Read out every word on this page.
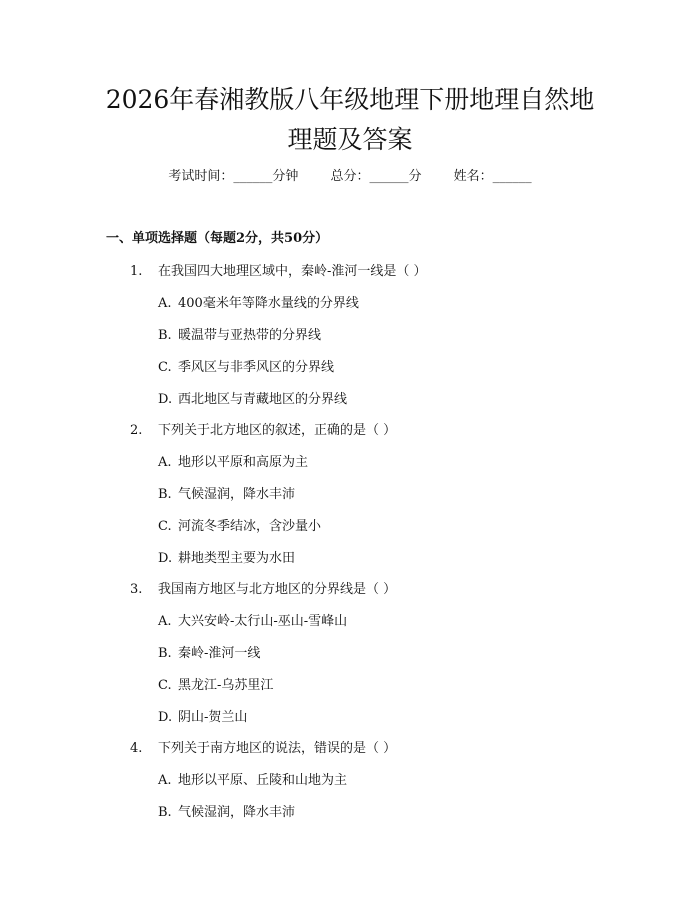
2026年春湘教版八年级地理下册地理自然地
理题及答案
考试时间：______分钟 总分：______分 姓名：______
一、单项选择题（每题2分，共50分）
1. 在我国四大地理区域中，秦岭-淮河一线是（ ）
A. 400毫米年等降水量线的分界线
B. 暖温带与亚热带的分界线
C. 季风区与非季风区的分界线
D. 西北地区与青藏地区的分界线
2. 下列关于北方地区的叙述，正确的是（ ）
A. 地形以平原和高原为主
B. 气候湿润，降水丰沛
C. 河流冬季结冰，含沙量小
D. 耕地类型主要为水田
3. 我国南方地区与北方地区的分界线是（ ）
A. 大兴安岭-太行山-巫山-雪峰山
B. 秦岭-淮河一线
C. 黑龙江-乌苏里江
D. 阴山-贺兰山
4. 下列关于南方地区的说法，错误的是（ ）
A. 地形以平原、丘陵和山地为主
B. 气候湿润，降水丰沛
